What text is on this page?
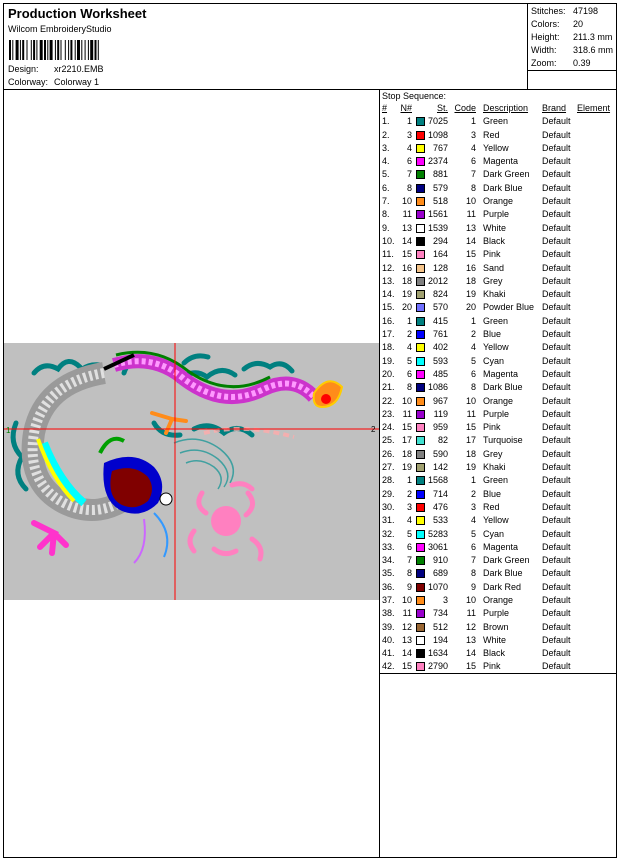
Production Worksheet
Wilcom EmbroideryStudio
Design: xr2210.EMB
Colorway: Colorway 1
Stitches: 47198
Colors: 20
Height: 211.3 mm
Width: 318.6 mm
Zoom: 0.39
1	2
Stop Sequence:
# N#	St. Code Description Brand Element
1.	1	7025	1 Green	Default
2.	3	1098	3 Red	Default
3.	4	767	4 Yellow	Default
4.	6	2374	6 Magenta	Default
5.	7	881	7 Dark Green Default
6.	8	579	8 Dark Blue Default
7.	10	518	10 Orange	Default
8.	11	1561	11 Purple	Default
9.	13	1539	13 White	Default
10. 14	294	14 Black	Default
11. 15	164	15 Pink	Default
12. 16	128	16 Sand	Default
13. 18	2012	18 Grey	Default
14. 19	824	19 Khaki	Default
15. 20	570	20 Powder Blue Default
16.	1	415	1 Green	Default
17.	2	761	2 Blue	Default
18.	4	402	4 Yellow	Default
19.	5	593	5 Cyan	Default
20.	6	485	6 Magenta	Default
21.	8	1086	8 Dark Blue Default
22. 10	967	10 Orange	Default
23. 11	119	11 Purple	Default
24. 15	959	15 Pink	Default
25. 17	82	17 Turquoise Default
26. 18	590	18 Grey	Default
27. 19	142	19 Khaki	Default
28.	1	1568	1 Green	Default
29.	2	714	2 Blue	Default
30.	3	476	3 Red	Default
31.	4	533	4 Yellow	Default
32.	5	5283	5 Cyan	Default
33.	6	3061	6 Magenta	Default
34.	7	910	7 Dark Green Default
35.	8	689	8 Dark Blue Default
36.	9	1070	9 Dark Red Default
37. 10	3	10 Orange	Default
38. 11	734	11 Purple	Default
39. 12	512	12 Brown	Default
40. 13	194	13 White	Default
41. 14	1634	14 Black	Default
42. 15	2790	15 Pink	Default
